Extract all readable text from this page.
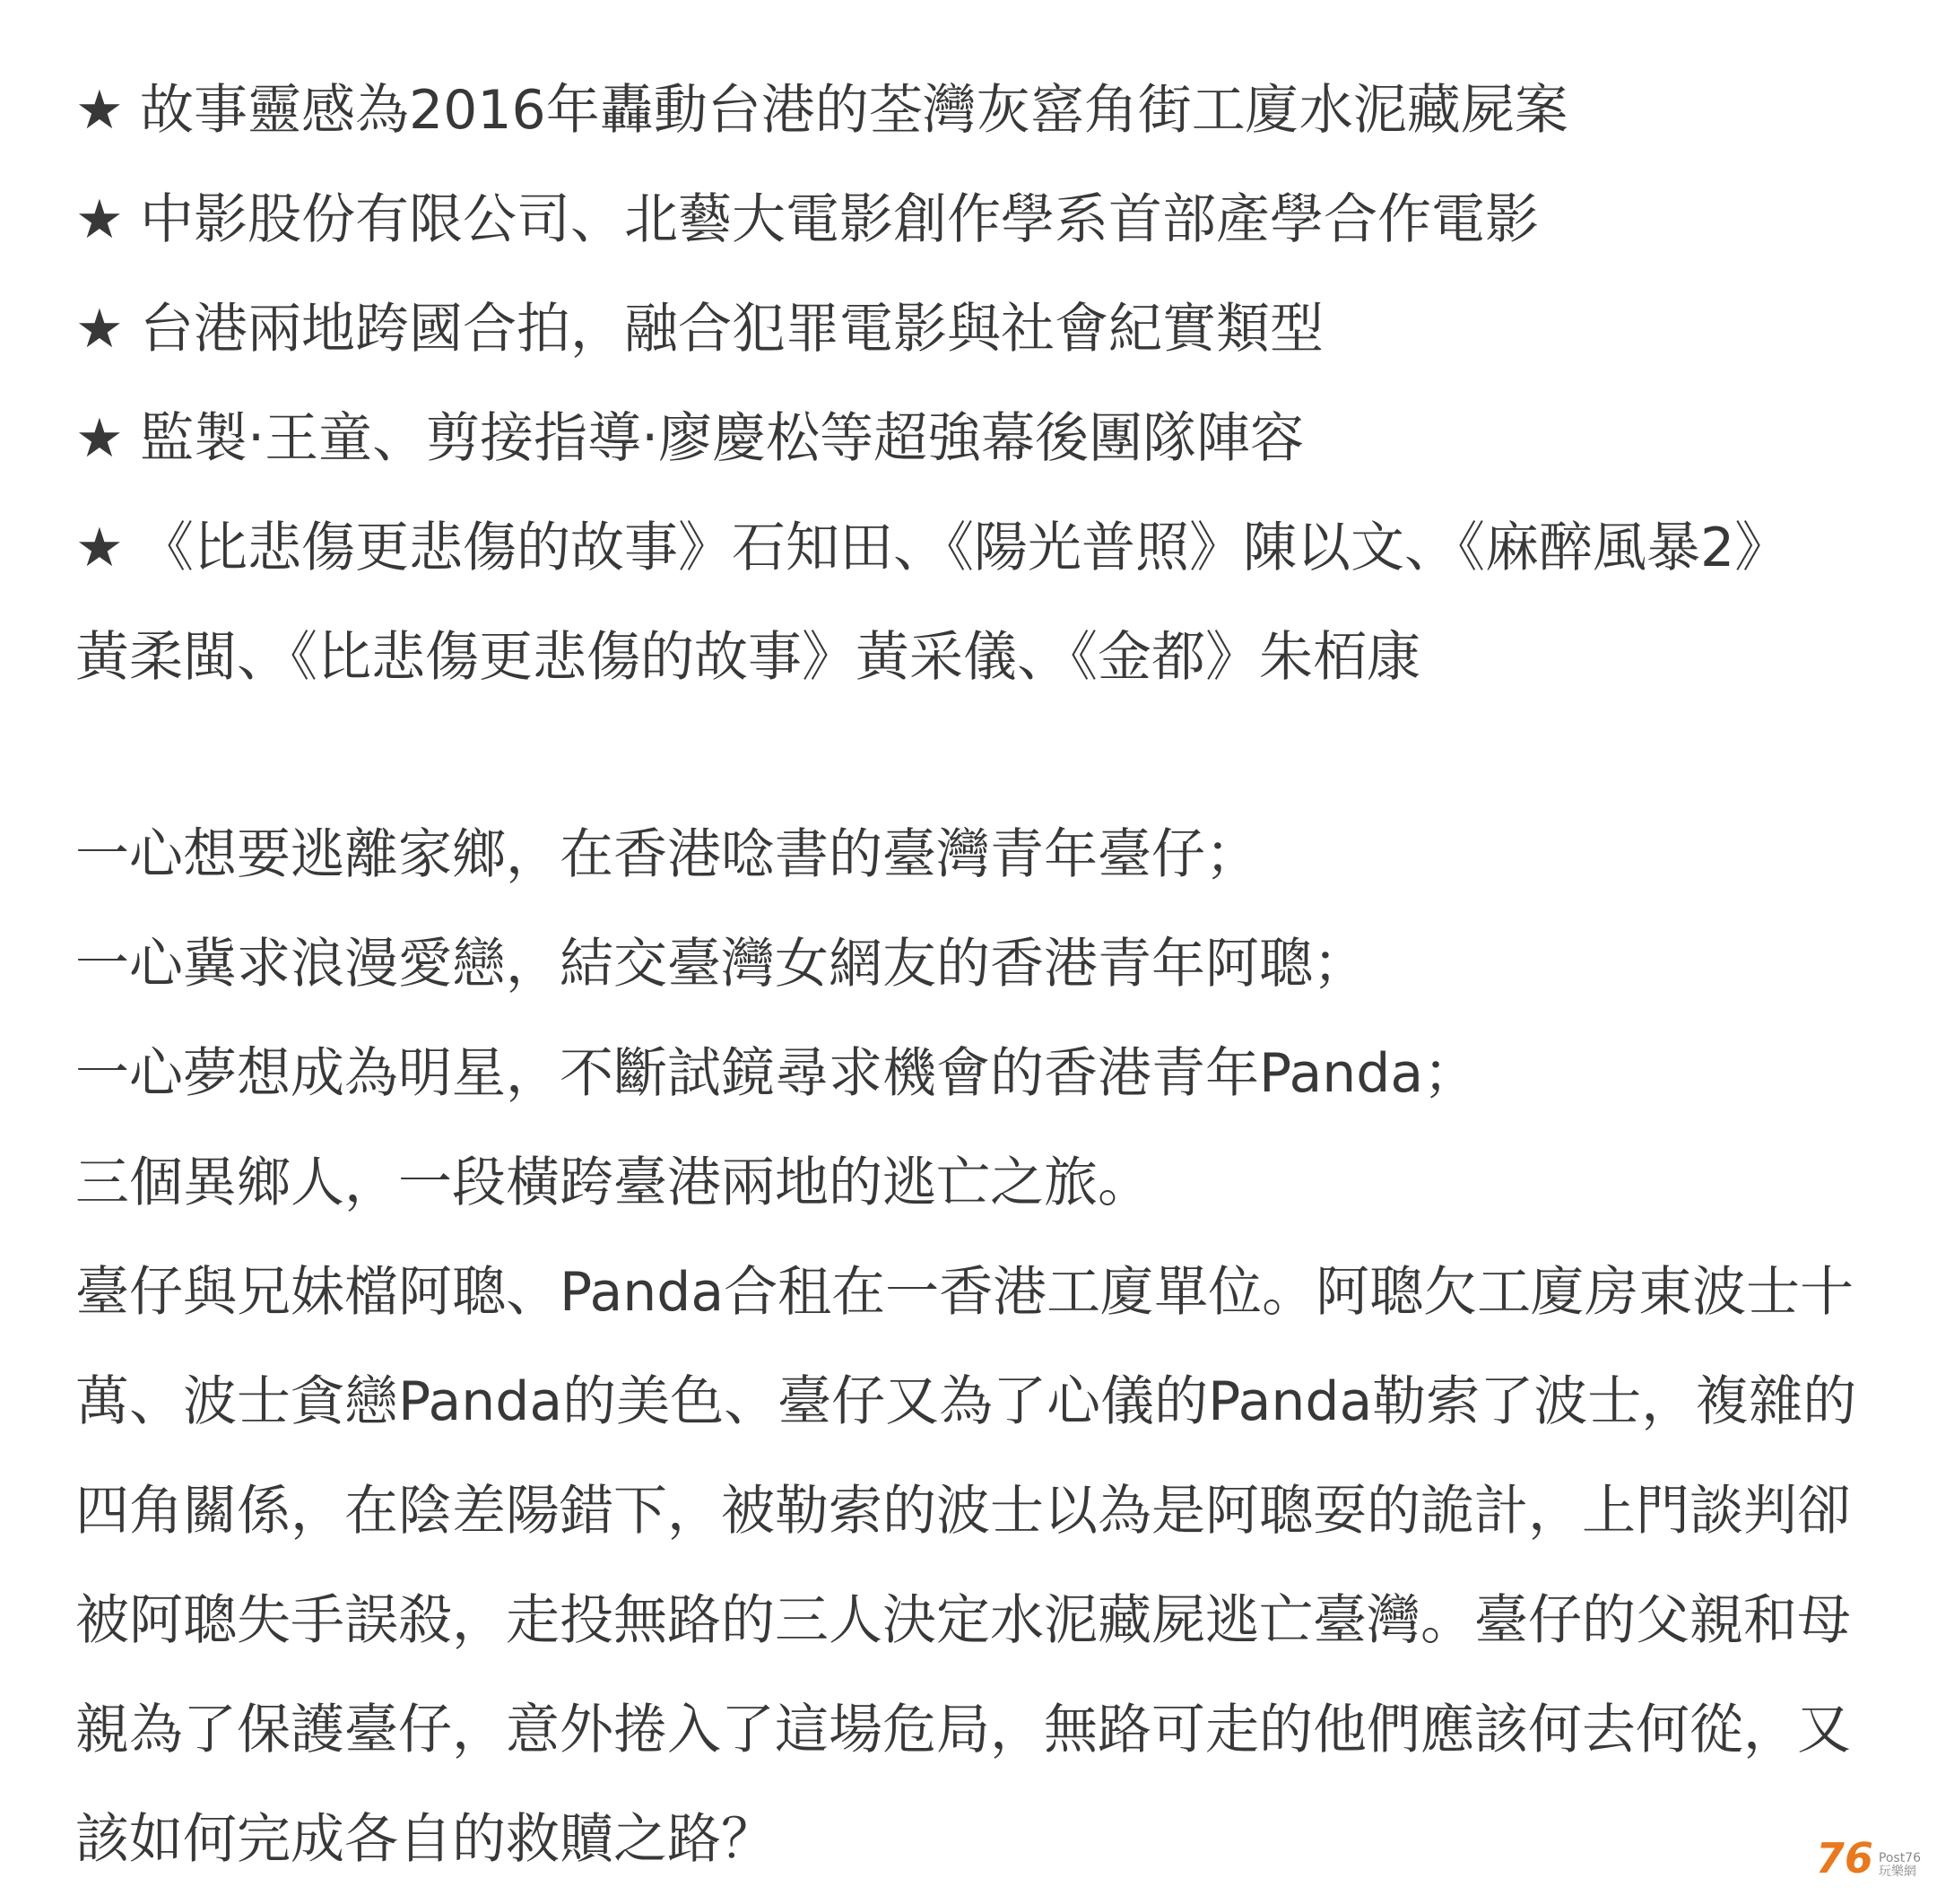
★ 故事靈感為2016年轟動台港的荃灣灰窰角街工廈水泥藏屍案
★ 中影股份有限公司、北藝大電影創作學系首部產學合作電影
★ 台港兩地跨國合拍，融合犯罪電影與社會紀實類型
★ 監製‧王童、剪接指導‧廖慶松等超強幕後團隊陣容
★ 《比悲傷更悲傷的故事》石知田、《陽光普照》陳以文、《麻醉風暴2》
黃柔閩、《比悲傷更悲傷的故事》黃采儀、《金都》朱栢康
一心想要逃離家鄉，在香港唸書的臺灣青年臺仔；
一心冀求浪漫愛戀，結交臺灣女網友的香港青年阿聰；
一心夢想成為明星，不斷試鏡尋求機會的香港青年Panda；
三個異鄉人，一段橫跨臺港兩地的逃亡之旅。
臺仔與兄妹檔阿聰、Panda合租在一香港工廈單位。阿聰欠工廈房東波士十
萬、波士貪戀Panda的美色、臺仔又為了心儀的Panda勒索了波士，複雜的
四角關係，在陰差陽錯下，被勒索的波士以為是阿聰耍的詭計，上門談判卻
被阿聰失手誤殺，走投無路的三人決定水泥藏屍逃亡臺灣。臺仔的父親和母
親為了保護臺仔，意外捲入了這場危局，無路可走的他們應該何去何從，又
該如何完成各自的救贖之路？	76 Post76
玩樂網
